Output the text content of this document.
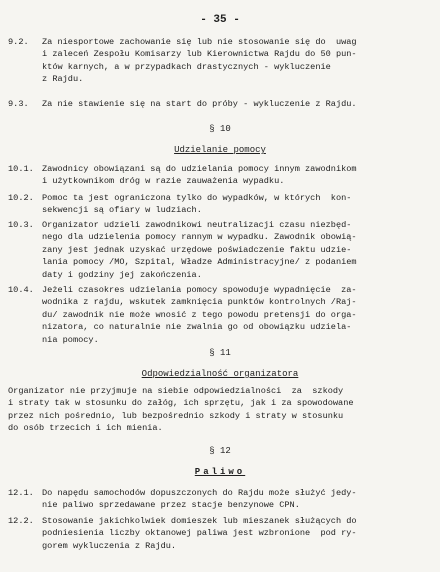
- 35 -
9.2. Za niesportowe zachowanie się lub nie stosowanie się do  uwag
i zaleceń Zespołu Komisarzy lub Kierownictwa Rajdu do 50 pun-
któw karnych, a w przypadkach drastycznych - wykluczenie
z Rajdu.
9.3. Za nie stawienie się na start do próby - wykluczenie z Rajdu.
§ 10
Udzielanie pomocy
10.1. Zawodnicy obowiązani są do udzielania pomocy innym zawodnikom
i użytkownikom dróg w razie zauważenia wypadku.
10.2. Pomoc ta jest ograniczona tylko do wypadków, w których  kon-
sekwencji są ofiary w ludziach.
10.3. Organizator udzieli zawodnikowi neutralizacji czasu niezbęd-
nego dla udzielenia pomocy rannym w wypadku. Zawodnik obowią-
zany jest jednak uzyskać urzędowe poświadczenie faktu udzie-
lania pomocy /MO, Szpital, Władze Administracyjne/ z podaniem
daty i godziny jej zakończenia.
10.4. Jeżeli czasokres udzielania pomocy spowoduje wypadnięcie  za-
wodnika z rajdu, wskutek zamknięcia punktów kontrolnych /Raj-
du/ zawodnik nie może wnosić z tego powodu pretensji do orga-
nizatora, co naturalnie nie zwalnia go od obowiązku udziela-
nia pomocy.
§ 11
Odpowiedzialność organizatora
Organizator nie przyjmuje na siebie odpowiedzialności  za  szkody
i straty tak w stosunku do załóg, ich sprzętu, jak i za spowodowane
przez nich pośrednio, lub bezpośrednio szkody i straty w stosunku
do osób trzecich i ich mienia.
§ 12
Paliwo
12.1. Do napędu samochodów dopuszczonych do Rajdu może służyć jedy-
nie paliwo sprzedawane przez stacje benzynowe CPN.
12.2. Stosowanie jakichkolwiek domieszek lub mieszanek służących do
podniesienia liczby oktanowej paliwa jest wzbronione  pod ry-
gorem wykluczenia z Rajdu.
